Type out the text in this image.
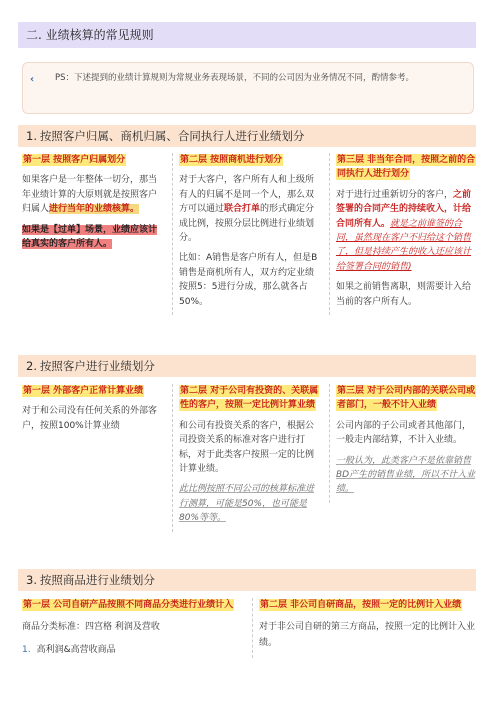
二. 业绩核算的常见规则
‹ PS：下述提到的业绩计算规则为常规业务表现场景，不同的公司因为业务情况不同，酌情参考。
1. 按照客户归属、商机归属、合同执行人进行业绩划分

第一层 按照客户归属划分

如果客户是一年整体一切分，那当年业绩计算的大原则就是按照客户归属人进行当年的业绩核算。

如果是【过单】场景，业绩应该计给真实的客户所有人。

第二层 按照商机进行划分

对于大客户，客户所有人和上级所有人的归属不是同一个人，那么双方可以通过联合打单的形式确定分成比例，按照分层比例进行业绩划分。

比如：A销售是客户所有人，但是B销售是商机所有人，双方约定业绩按照5：5进行分成，那么就各占50%。

第三层 非当年合同，按照之前的合同执行人进行划分

对于进行过重新切分的客户，之前签署的合同产生的持续收入，计给合同所有人。就是之前谁签的合同，虽然现在客户不归给这个销售了，但是持续产生的收入还应该计给签署合同的销售)

如果之前销售离职，则需要计入给当前的客户所有人。

2. 按照客户进行业绩划分

第一层 外部客户正常计算业绩

对于和公司没有任何关系的外部客户，按照100%计算业绩

第二层 对于公司有投资的、关联属性的客户，按照一定比例计算业绩

和公司有投资关系的客户，根据公司投资关系的标准对客户进行打标，对于此类客户按照一定的比例计算业绩。

此比例按照不同公司的核算标准进行测算，可能是50%，也可能是80%等等。

第三层 对于公司内部的关联公司或者部门，一般不计入业绩

公司内部的子公司或者其他部门，一般走内部结算，不计入业绩。

一般认为，此类客户不是依靠销售BD产生的销售业绩，所以不计入业绩。

3. 按照商品进行业绩划分

第一层 公司自研产品按照不同商品分类进行业绩计入

商品分类标准：四宫格 利润及营收

1. 高利润&高营收商品

第二层 非公司自研商品，按照一定的比例计入业绩

对于非公司自研的第三方商品，按照一定的比例计入业绩。
